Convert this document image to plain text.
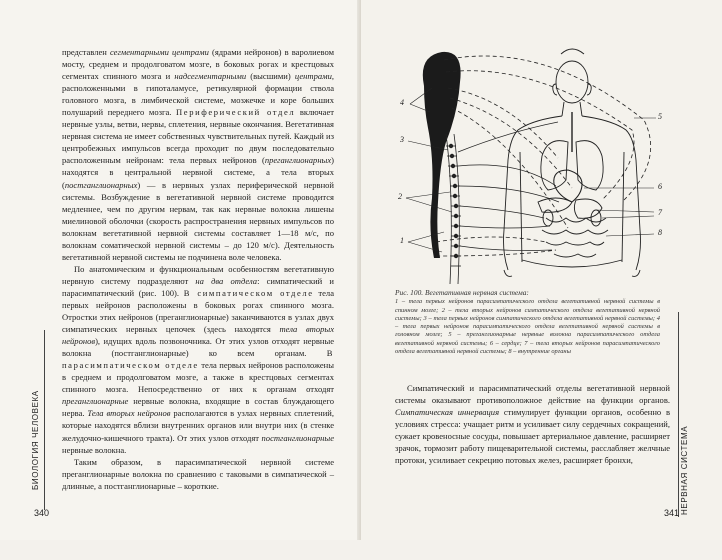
представлен сегментарными центрами (ядрами нейронов) в варолиевом мосту, среднем и продолговатом мозге, в боковых рогах и крестцовых сегментах спинного мозга и надсегментарными (высшими) центрами, расположенными в гипоталамусе, ретикулярной формации ствола головного мозга, в лимбической системе, мозжечке и коре больших полушарий переднего мозга. Периферический отдел включает нервные узлы, ветви, нервы, сплетения, нервные окончания. Вегетативная нервная система не имеет собственных чувствительных путей. Каждый из центробежных импульсов всегда проходит по двум последовательно расположенным нейронам: тела первых нейронов (преганглионарных) находятся в центральной нервной системе, а тела вторых (постганглионарных) — в нервных узлах периферической нервной системы. Возбуждение в вегетативной нервной системе проводится медленнее, чем по другим нервам, так как нервные волокна лишены миелиновой оболочки (скорость распространения нервных импульсов по волокнам вегетативной нервной системы составляет 1—18 м/с, по волокнам соматической нервной системы – до 120 м/с). Деятельность вегетативной нервной системы не подчинена воле человека.

По анатомическим и функциональным особенностям вегетативную нервную систему подразделяют на два отдела: симпатический и парасимпатический (рис. 100). В симпатическом отделе тела первых нейронов расположены в боковых рогах спинного мозга. Отростки этих нейронов (преганглионарные) заканчиваются в узлах двух симпатических нервных цепочек (здесь находятся тела вторых нейронов), идущих вдоль позвоночника. От этих узлов отходят нервные волокна (постганглионарные) ко всем органам. В парасимпатическом отделе тела первых нейронов расположены в среднем и продолговатом мозге, а также в крестцовых сегментах спинного мозга. Непосредственно от них к органам отходят преганглионарные нервные волокна, входящие в состав блуждающего нерва. Тела вторых нейронов располагаются в узлах нервных сплетений, которые находятся вблизи внутренних органов или внутри них (в стенке желудочно-кишечного тракта). От этих узлов отходят постганглионарные нервные волокна.

Таким образом, в парасимпатической нервной системе преганглионарные волокна по сравнению с таковыми в симпатической – длинные, а постганглионарные – короткие.

БИОЛОГИЯ ЧЕЛОВЕКА
340
4
3
2
1
5
6
7
8
Рис. 100. Вегетативная нервная система:
1 – тела первых нейронов парасимпатического отдела вегетативной нервной системы в спинном мозге; 2 – тела вторых нейронов симпатического отдела вегетативной нервной системы; 3 – тела первых нейронов симпатического отдела вегетативной нервной системы; 4 – тела первых нейронов парасимпатического отдела вегетативной нервной системы в головном мозге; 5 – преганглионарные нервные волокна парасимпатического отдела вегетативной нервной системы; 6 – сердце; 7 – тела вторых нейронов парасимпатического отдела вегетативной нервной системы; 8 – внутренние органы

Симпатический и парасимпатический отделы вегетативной нервной системы оказывают противоположное действие на функции органов. Симпатическая иннервация стимулирует функции органов, особенно в условиях стресса: учащает ритм и усиливает силу сердечных сокращений, сужает кровеносные сосуды, повышает артериальное давление, расширяет зрачок, тормозит работу пищеварительной системы, расслабляет желчные протоки, усиливает секрецию потовых желез, расширяет бронхи,	НЕРВНАЯ СИСТЕМА
341
